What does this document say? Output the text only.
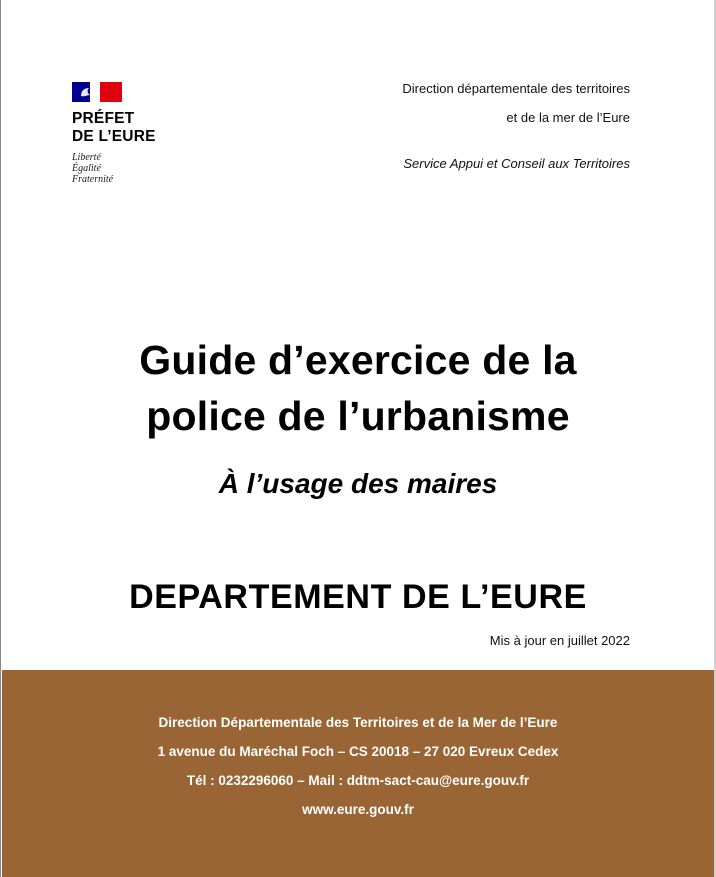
PRÉFET
DE L’EURE
Liberté
Égalité
Fraternité
Direction départementale des territoires
et de la mer de l’Eure
Service Appui et Conseil aux Territoires
Guide d’exercice de la
police de l’urbanisme
À l’usage des maires
DEPARTEMENT DE L’EURE
Mis à jour en juillet 2022
Direction Départementale des Territoires et de la Mer de l’Eure
1 avenue du Maréchal Foch – CS 20018 – 27 020 Evreux Cedex
Tél : 0232296060 – Mail : ddtm-sact-cau@eure.gouv.fr
www.eure.gouv.fr
